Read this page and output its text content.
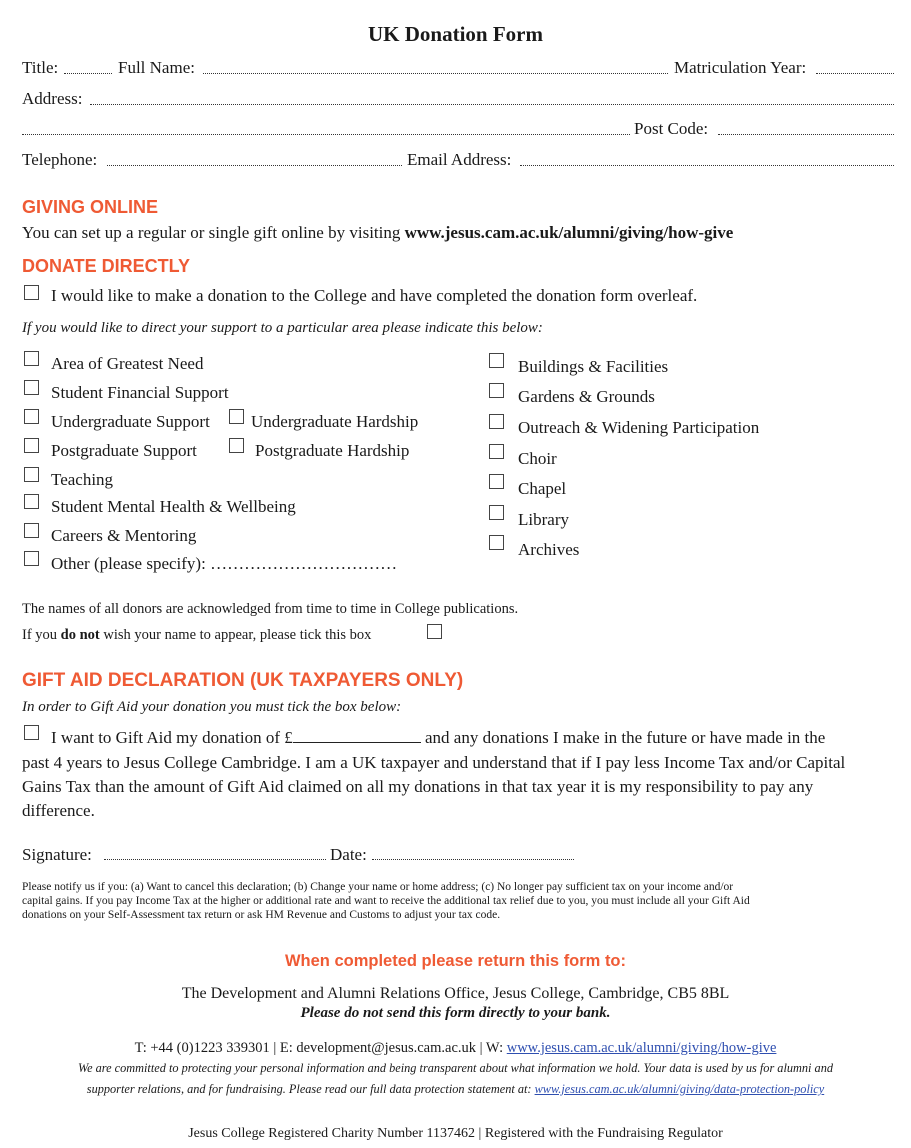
UK Donation Form
Title:	Full Name:	Matriculation Year:
Address:
Post Code:
Telephone:	Email Address:
GIVING ONLINE
You can set up a regular or single gift online by visiting www.jesus.cam.ac.uk/alumni/giving/how-give
DONATE DIRECTLY
I would like to make a donation to the College and have completed the donation form overleaf.
If you would like to direct your support to a particular area please indicate this below:
Area of Greatest Need
Student Financial Support
Undergraduate Support Undergraduate Hardship
Postgraduate Support	Postgraduate Hardship
Teaching
Student Mental Health & Wellbeing
Careers & Mentoring
Other (please specify): ……………………………
Buildings & Facilities
Gardens & Grounds
Outreach & Widening Participation
Choir
Chapel
Library
Archives
The names of all donors are acknowledged from time to time in College publications.
If you do not wish your name to appear, please tick this box
GIFT AID DECLARATION (UK TAXPAYERS ONLY)
In order to Gift Aid your donation you must tick the box below:
I want to Gift Aid my donation of £	and any donations I make in the future or have made in the
past 4 years to Jesus College Cambridge. I am a UK taxpayer and understand that if I pay less Income Tax and/or Capital
Gains Tax than the amount of Gift Aid claimed on all my donations in that tax year it is my responsibility to pay any
difference.
Signature:	Date:
Please notify us if you: (a) Want to cancel this declaration; (b) Change your name or home address; (c) No longer pay sufficient tax on your income and/or
capital gains. If you pay Income Tax at the higher or additional rate and want to receive the additional tax relief due to you, you must include all your Gift Aid
donations on your Self-Assessment tax return or ask HM Revenue and Customs to adjust your tax code.
When completed please return this form to:
The Development and Alumni Relations Office, Jesus College, Cambridge, CB5 8BL
Please do not send this form directly to your bank.
T: +44 (0)1223 339301 | E: development@jesus.cam.ac.uk | W: www.jesus.cam.ac.uk/alumni/giving/how-give
We are committed to protecting your personal information and being transparent about what information we hold. Your data is used by us for alumni and
supporter relations, and for fundraising. Please read our full data protection statement at: www.jesus.cam.ac.uk/alumni/giving/data-protection-policy
Jesus College Registered Charity Number 1137462 | Registered with the Fundraising Regulator
